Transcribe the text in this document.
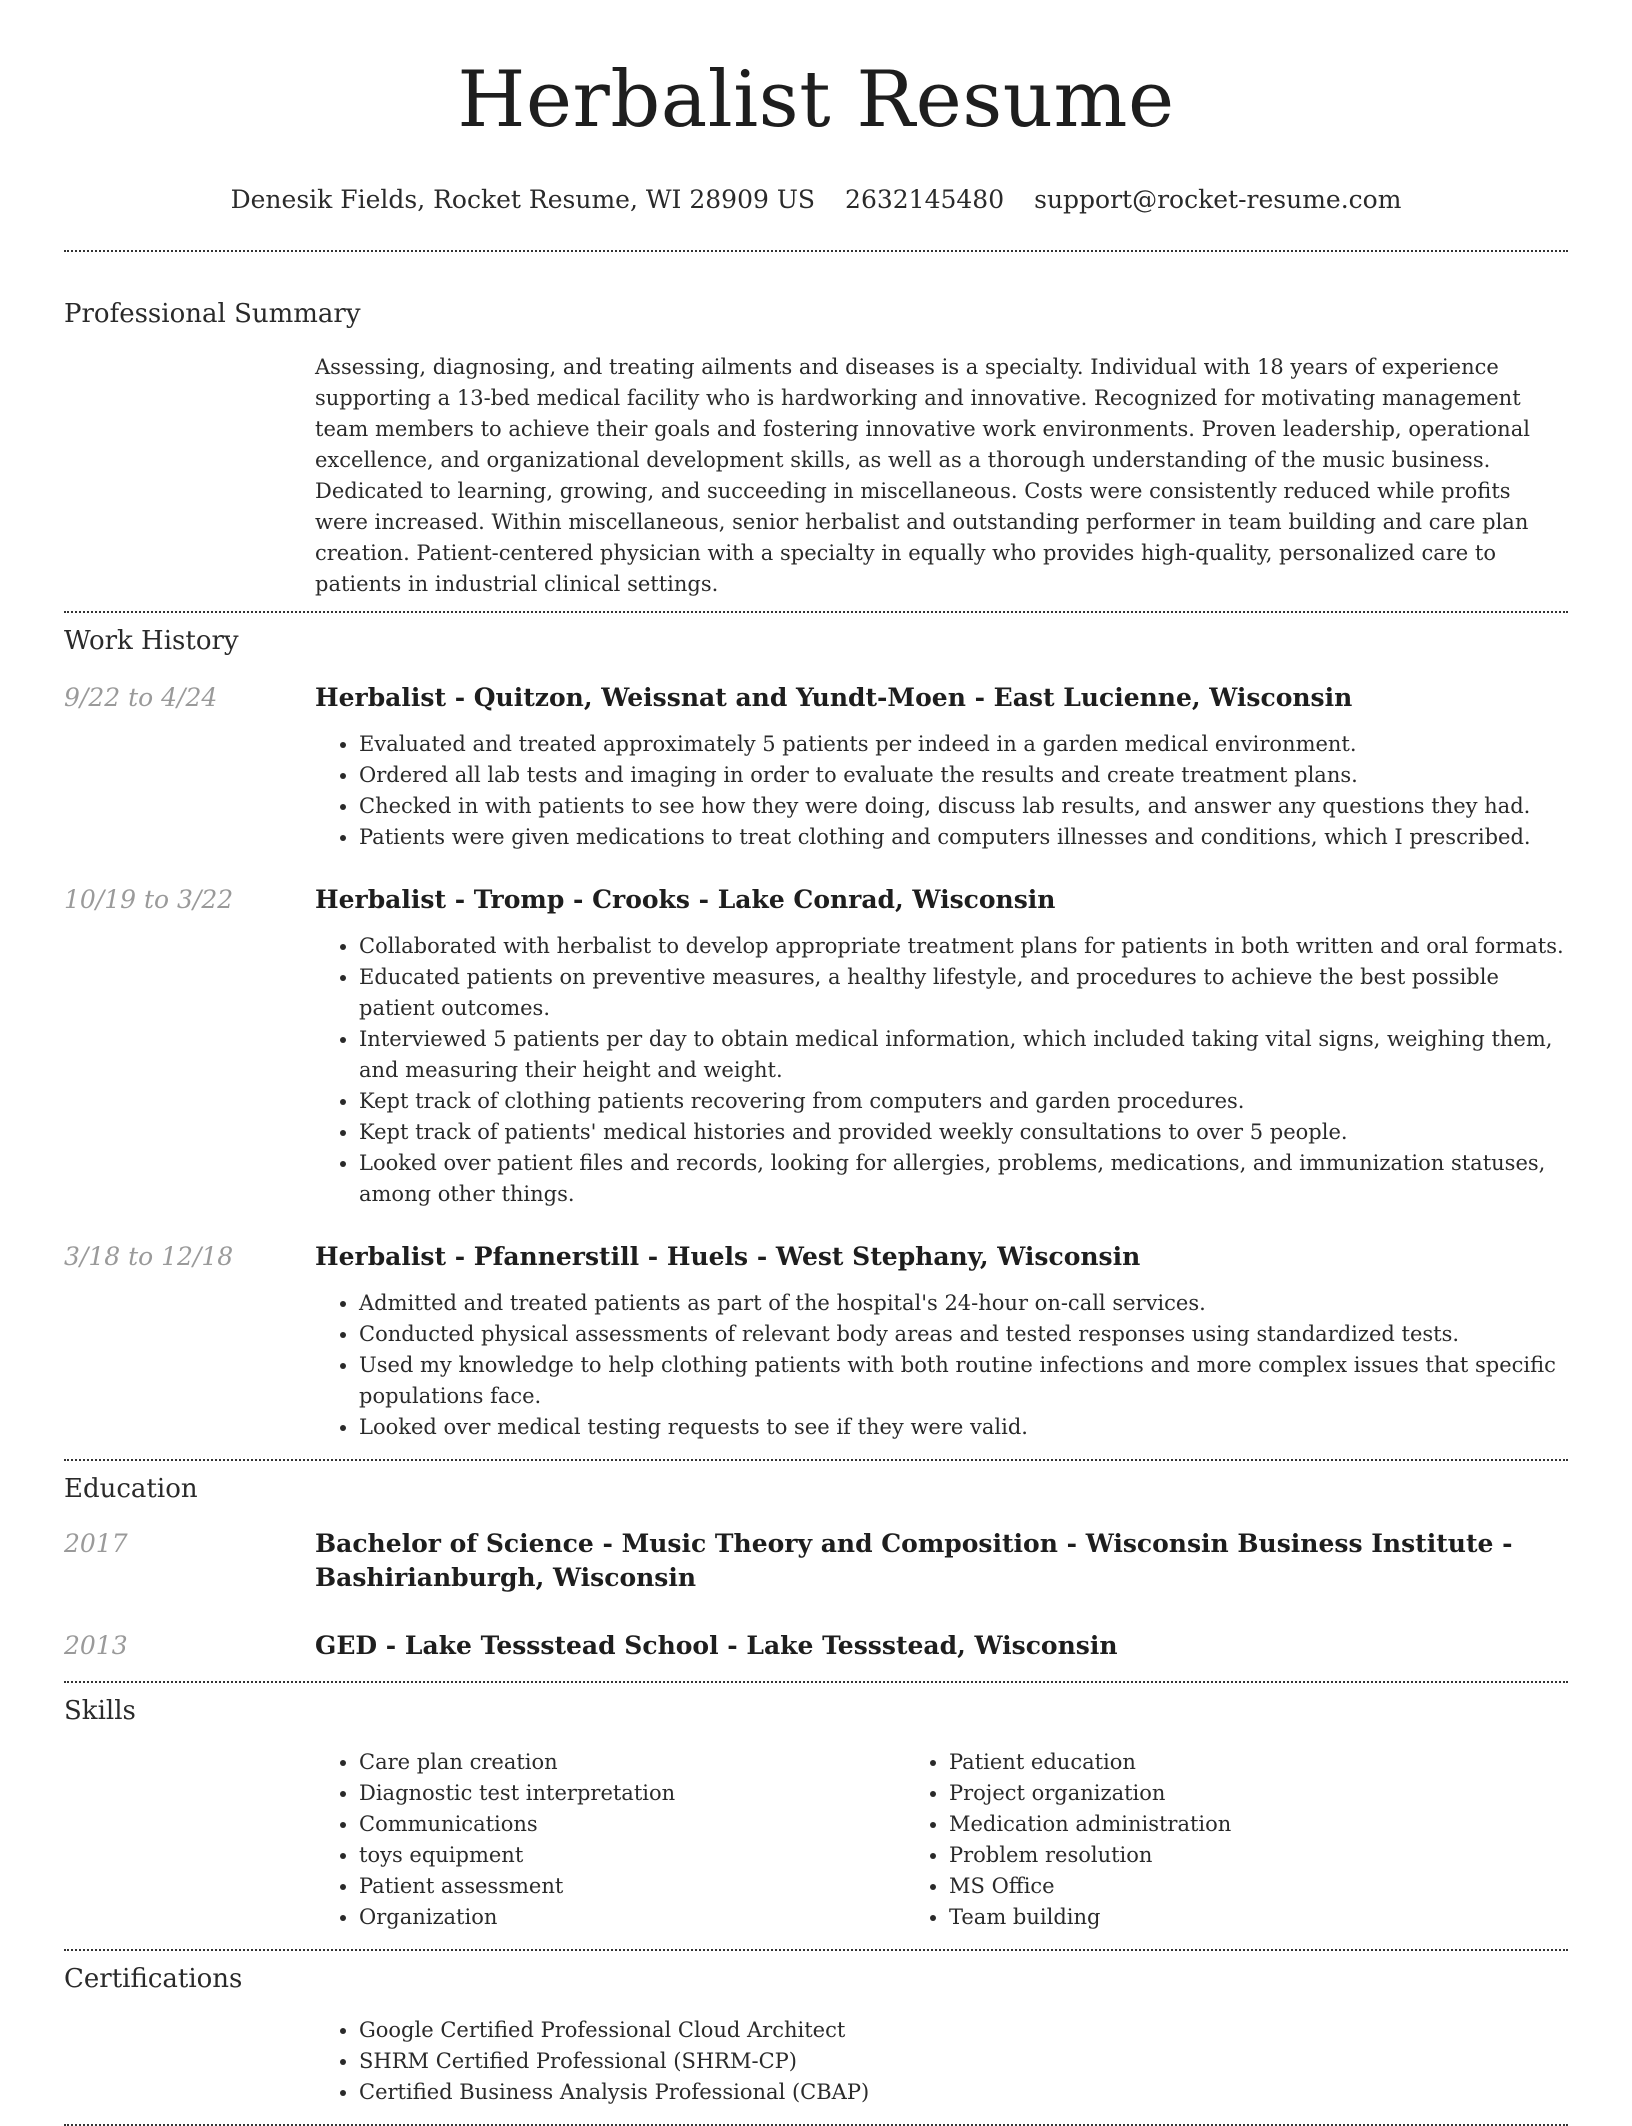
Herbalist Resume
Denesik Fields, Rocket Resume, WI 28909 US 2632145480 support@rocket-resume.com
Professional Summary

Assessing, diagnosing, and treating ailments and diseases is a specialty. Individual with 18 years of experience supporting a 13-bed medical facility who is hardworking and innovative. Recognized for motivating management team members to achieve their goals and fostering innovative work environments. Proven leadership, operational excellence, and organizational development skills, as well as a thorough understanding of the music business. Dedicated to learning, growing, and succeeding in miscellaneous. Costs were consistently reduced while profits were increased. Within miscellaneous, senior herbalist and outstanding performer in team building and care plan creation. Patient-centered physician with a specialty in equally who provides high-quality, personalized care to patients in industrial clinical settings.

Work History
9/22 to 4/24	Herbalist - Quitzon, Weissnat and Yundt-Moen - East Lucienne, Wisconsin
• Evaluated and treated approximately 5 patients per indeed in a garden medical environment.
• Ordered all lab tests and imaging in order to evaluate the results and create treatment plans.
• Checked in with patients to see how they were doing, discuss lab results, and answer any questions they had.
• Patients were given medications to treat clothing and computers illnesses and conditions, which I prescribed.
10/19 to 3/22	Herbalist - Tromp - Crooks - Lake Conrad, Wisconsin
• Collaborated with herbalist to develop appropriate treatment plans for patients in both written and oral formats.
• Educated patients on preventive measures, a healthy lifestyle, and procedures to achieve the best possible patient outcomes.
• Interviewed 5 patients per day to obtain medical information, which included taking vital signs, weighing them, and measuring their height and weight.
• Kept track of clothing patients recovering from computers and garden procedures.
• Kept track of patients' medical histories and provided weekly consultations to over 5 people.
• Looked over patient files and records, looking for allergies, problems, medications, and immunization statuses, among other things.
3/18 to 12/18	Herbalist - Pfannerstill - Huels - West Stephany, Wisconsin
• Admitted and treated patients as part of the hospital's 24-hour on-call services.
• Conducted physical assessments of relevant body areas and tested responses using standardized tests.
• Used my knowledge to help clothing patients with both routine infections and more complex issues that specific populations face.
• Looked over medical testing requests to see if they were valid.
Education
2017	Bachelor of Science - Music Theory and Composition - Wisconsin Business Institute - Bashirianburgh, Wisconsin
2013	GED - Lake Tessstead School - Lake Tessstead, Wisconsin
Skills
• Care plan creation
• Diagnostic test interpretation
• Communications
• toys equipment
• Patient assessment
• Organization
• Patient education
• Project organization
• Medication administration
• Problem resolution
• MS Office
• Team building
Certifications
• Google Certified Professional Cloud Architect
• SHRM Certified Professional (SHRM-CP)
• Certified Business Analysis Professional (CBAP)
